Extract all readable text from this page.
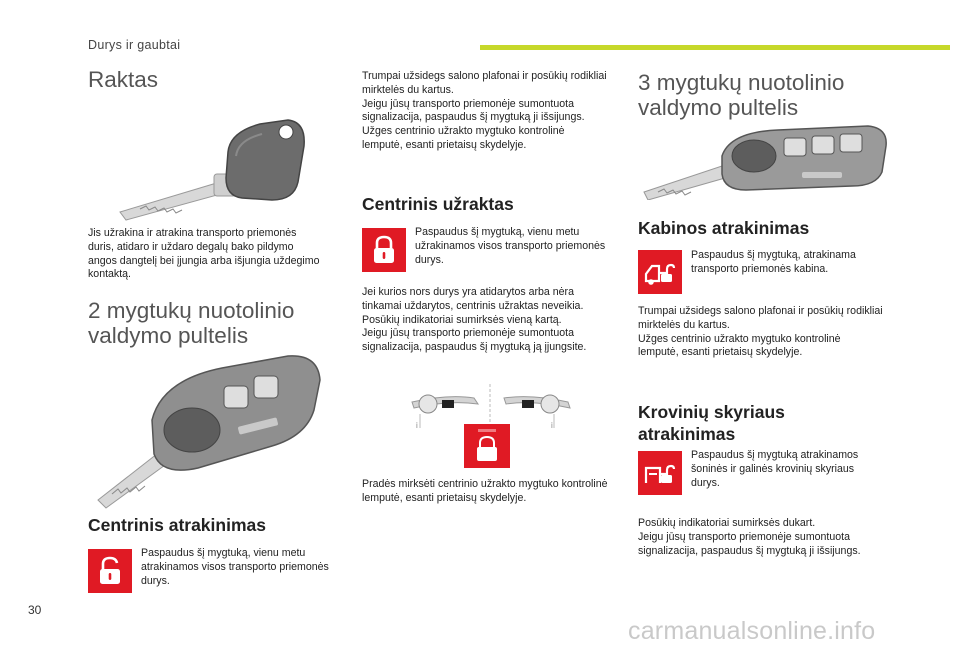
Durys ir gaubtai
Raktas

Jis užrakina ir atrakina transporto priemonės
duris, atidaro ir uždaro degalų bako pildymo
angos dangtelį bei įjungia arba išjungia uždegimo
kontaktą.

2 mygtukų nuotolinio
valdymo pultelis
Centrinis atrakinimas

Paspaudus šį mygtuką, vienu metu
atrakinamos visos transporto priemonės
durys.

Trumpai užsidegs salono plafonai ir posūkių rodikliai
mirktelės du kartus.
Jeigu jūsų transporto priemonėje sumontuota
signalizacija, paspaudus šį mygtuką ji išsijungs.
Užges centrinio užrakto mygtuko kontrolinė
lemputė, esanti prietaisų skydelyje.

Centrinis užraktas

Paspaudus šį mygtuką, vienu metu
užrakinamos visos transporto priemonės
durys.

Jei kurios nors durys yra atidarytos arba nėra
tinkamai uždarytos, centrinis užraktas neveikia.
Posūkių indikatoriai sumirksės vieną kartą.
Jeigu jūsų transporto priemonėje sumontuota
signalizacija, paspaudus šį mygtuką ją įjungsite.

i	i

Pradės mirksėti centrinio užrakto mygtuko kontrolinė
lemputė, esanti prietaisų skydelyje.

3 mygtukų nuotolinio
valdymo pultelis
Kabinos atrakinimas

Paspaudus šį mygtuką, atrakinama
transporto priemonės kabina.

Trumpai užsidegs salono plafonai ir posūkių rodikliai
mirktelės du kartus.
Užges centrinio užrakto mygtuko kontrolinė
lemputė, esanti prietaisų skydelyje.

Krovinių skyriaus
atrakinimas

Paspaudus šį mygtuką atrakinamos
šoninės ir galinės krovinių skyriaus
durys.

Posūkių indikatoriai sumirksės dukart.
Jeigu jūsų transporto priemonėje sumontuota
signalizacija, paspaudus šį mygtuką ji išsijungs.

30
carmanualsonline.info
